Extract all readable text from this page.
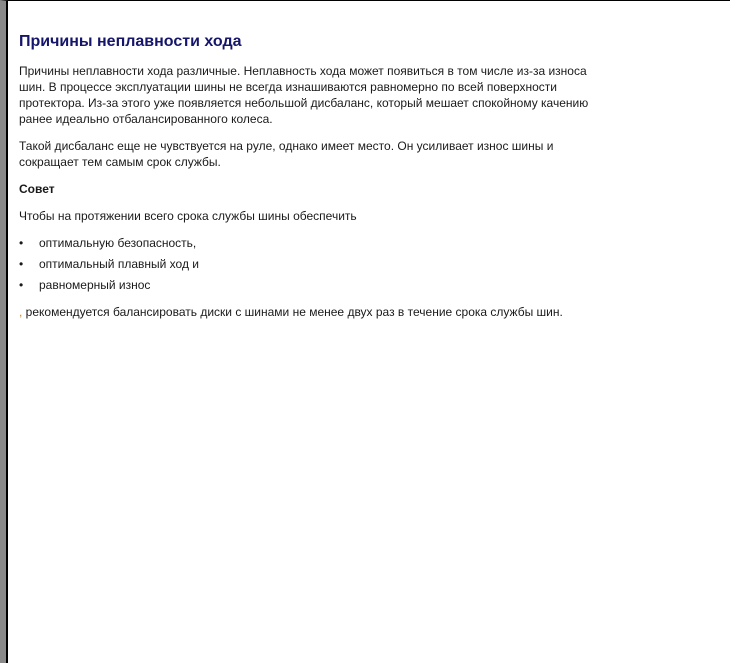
Причины неплавности хода

Причины неплавности хода различные. Неплавность хода может появиться в том числе из-за износа шин. В процессе эксплуатации шины не всегда изнашиваются равномерно по всей поверхности протектора. Из-за этого уже появляется небольшой дисбаланс, который мешает спокойному качению ранее идеально отбалансированного колеса.

Такой дисбаланс еще не чувствуется на руле, однако имеет место. Он усиливает износ шины и сокращает тем самым срок службы.

Совет

Чтобы на протяжении всего срока службы шины обеспечить

• оптимальную безопасность,
• оптимальный плавный ход и
• равномерный износ

, рекомендуется балансировать диски с шинами не менее двух раз в течение срока службы шин.
